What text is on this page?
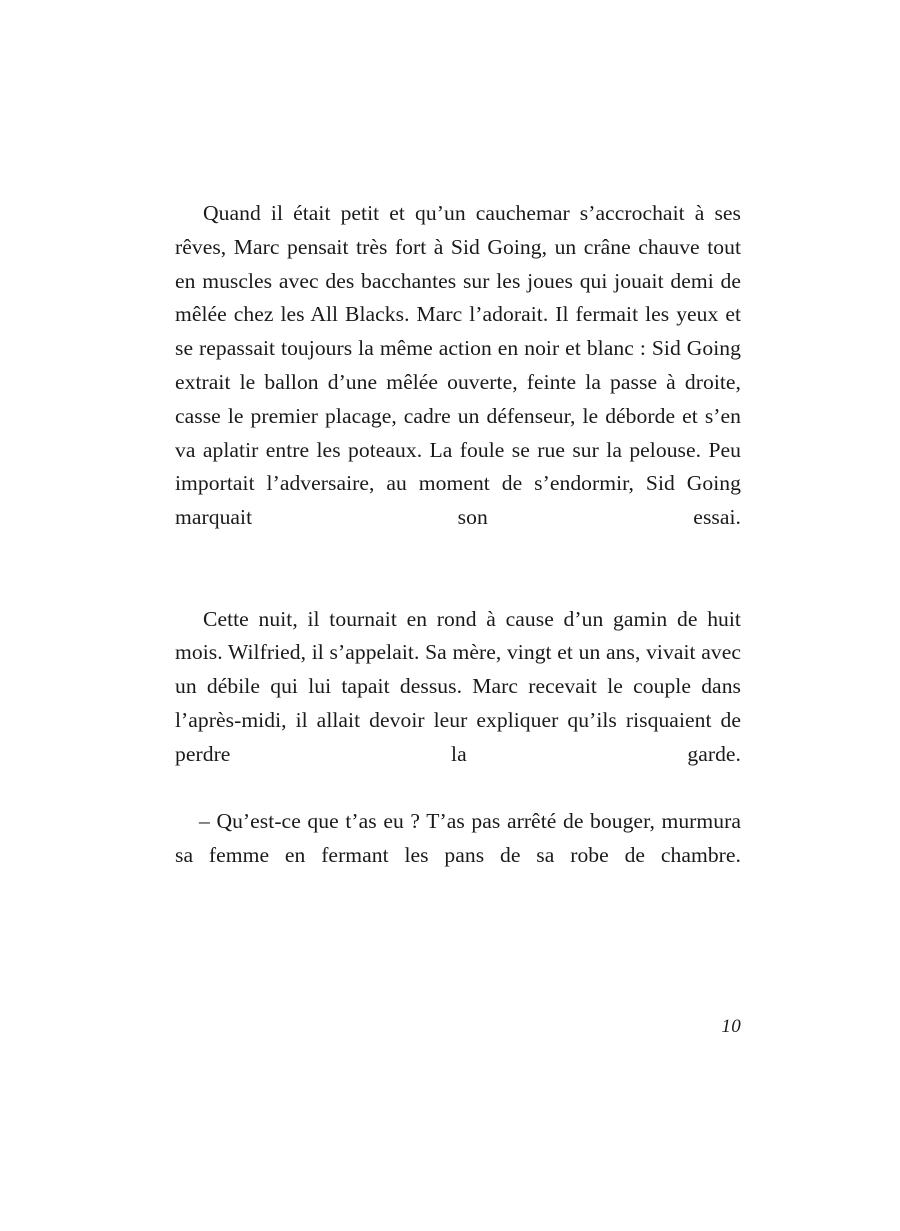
Quand il était petit et qu’un cauchemar s’accrochait à ses rêves, Marc pensait très fort à Sid Going, un crâne chauve tout en muscles avec des bacchantes sur les joues qui jouait demi de mêlée chez les All Blacks. Marc l’adorait. Il fermait les yeux et se repassait toujours la même action en noir et blanc : Sid Going extrait le ballon d’une mêlée ouverte, feinte la passe à droite, casse le premier placage, cadre un défenseur, le déborde et s’en va aplatir entre les poteaux. La foule se rue sur la pelouse. Peu importait l’adversaire, au moment de s’endormir, Sid Going marquait son essai.

Cette nuit, il tournait en rond à cause d’un gamin de huit mois. Wilfried, il s’appelait. Sa mère, vingt et un ans, vivait avec un débile qui lui tapait dessus. Marc recevait le couple dans l’après-midi, il allait devoir leur expliquer qu’ils risquaient de perdre la garde.

– Qu’est-ce que t’as eu ? T’as pas arrêté de bouger, murmura sa femme en fermant les pans de sa robe de chambre.

10
